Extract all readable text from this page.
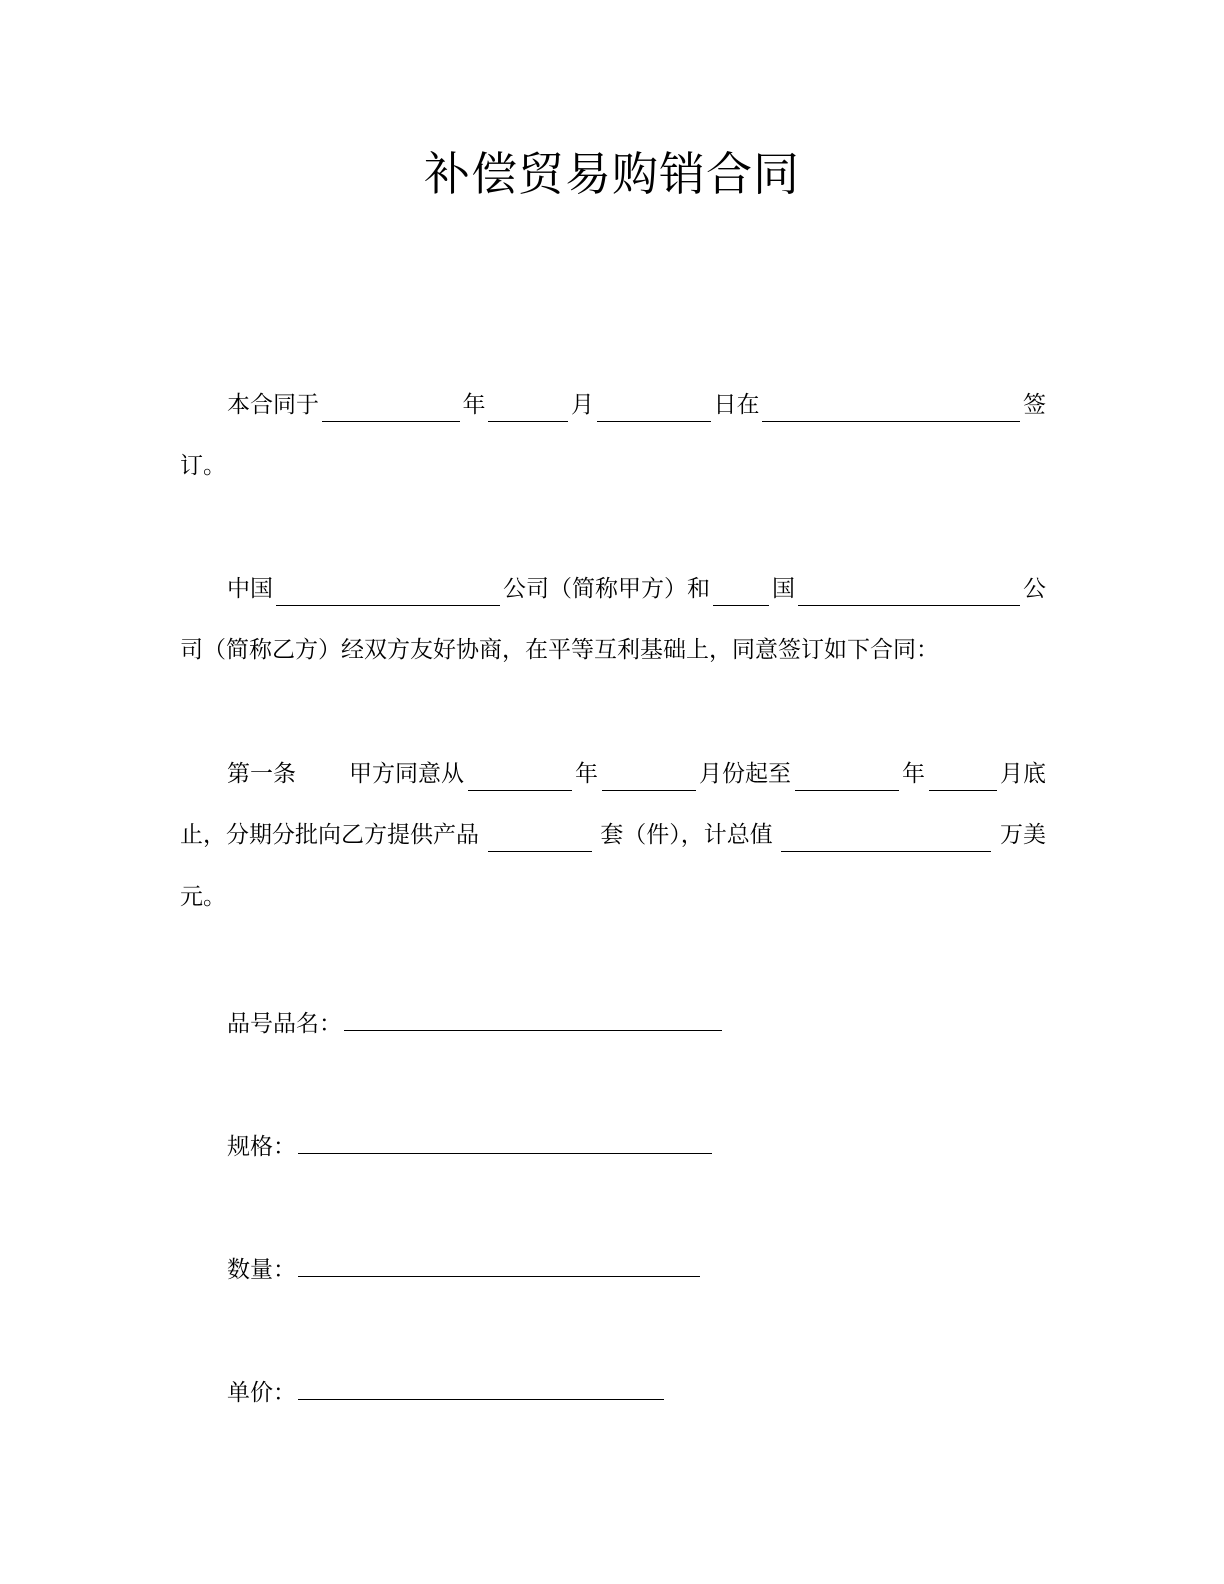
补偿贸易购销合同
本合同于	年	月	日在	签
订。
中国	公司（简称甲方）和	国	公
司（简称乙方）经双方友好协商，在平等互利基础上，同意签订如下合同：
第一条 甲方同意从	年	月份起至	年	月底
止，分期分批向乙方提供产品	套（件），计总值	万美
元。
品号品名：
规格：
数量：
单价：
